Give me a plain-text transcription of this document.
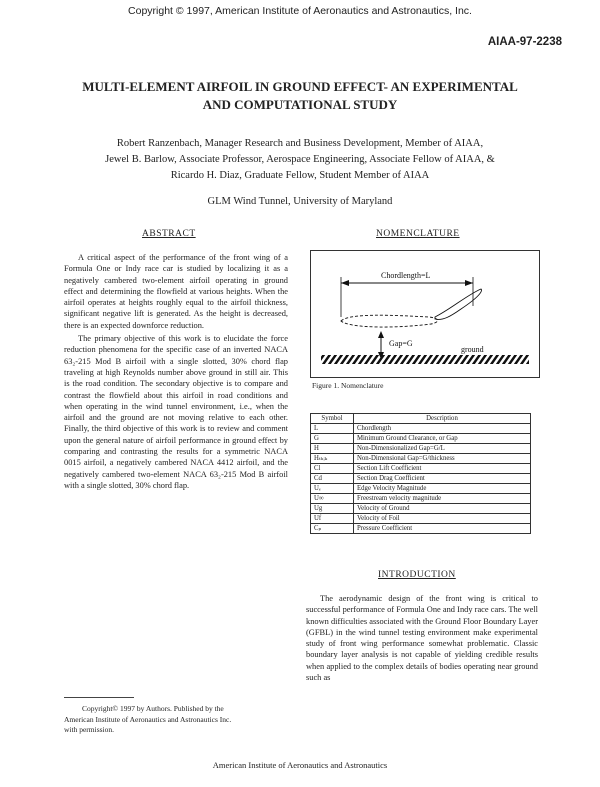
Copyright © 1997, American Institute of Aeronautics and Astronautics, Inc.
AIAA-97-2238
MULTI-ELEMENT AIRFOIL IN GROUND EFFECT- AN EXPERIMENTAL
AND COMPUTATIONAL STUDY
Robert Ranzenbach, Manager Research and Business Development, Member of AIAA,
Jewel B. Barlow, Associate Professor, Aerospace Engineering, Associate Fellow of AIAA, &
Ricardo H. Diaz, Graduate Fellow, Student Member of AIAA
GLM Wind Tunnel, University of Maryland
ABSTRACT

A critical aspect of the performance of the front wing of a Formula One or Indy race car is studied by localizing it as a negatively cambered two-element airfoil operating in ground effect and determining the flowfield at various heights. When the airfoil operates at heights roughly equal to the airfoil thickness, significant negative lift is generated. As the height is decreased, there is an expected downforce reduction.

The primary objective of this work is to elucidate the force reduction phenomena for the specific case of an inverted NACA 63₂-215 Mod B airfoil with a single slotted, 30% chord flap traveling at high Reynolds number above ground in still air. This is the road condition. The secondary objective is to compare and contrast the flowfield about this airfoil in road conditions and when operating in the wind tunnel environment, i.e., when the airfoil and the ground are not moving relative to each other. Finally, the third objective of this work is to review and comment upon the general nature of airfoil performance in ground effect by comparing and contrasting the results for a symmetric NACA 0015 airfoil, a negatively cambered NACA 4412 airfoil, and the negatively cambered two-element NACA 63₂-215 Mod B airfoil with a single slotted, 30% chord flap.

Copyright© 1997 by Authors. Published by the
American Institute of Aeronautics and Astronautics Inc.
with permission.
NOMENCLATURE
Chordlength=L
Gap=G
ground
Figure 1. Nomenclature
Symbol	Description
L	Chordlength
G	Minimum Ground Clearance, or Gap
H	Non-Dimensionalized Gap=G/L
Hₜₕᵢₖ	Non-Dimensional Gap=G/thickness
Cl	Section Lift Coefficient
Cd	Section Drag Coefficient
Uₑ	Edge Velocity Magnitude
U∞	Freestream velocity magnitude
Ug	Velocity of Ground
Uf	Velocity of Foil
Cₚ	Pressure Coefficient
INTRODUCTION

The aerodynamic design of the front wing is critical to successful performance of Formula One and Indy race cars. The well known difficulties associated with the Ground Floor Boundary Layer (GFBL) in the wind tunnel testing environment make experimental study of front wing performance somewhat problematic. Classic boundary layer analysis is not capable of yielding credible results when applied to the complex details of bodies operating near ground such as

American Institute of Aeronautics and Astronautics
